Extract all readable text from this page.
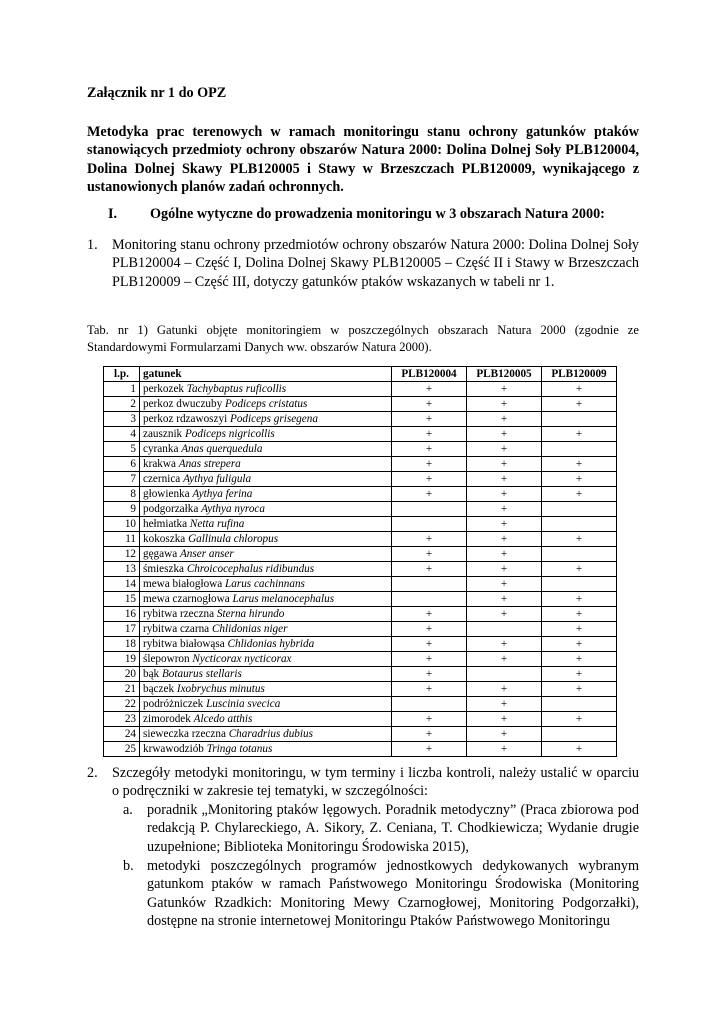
Załącznik nr 1 do OPZ
Metodyka prac terenowych w ramach monitoringu stanu ochrony gatunków ptaków stanowiących przedmioty ochrony obszarów Natura 2000: Dolina Dolnej Soły PLB120004, Dolina Dolnej Skawy PLB120005 i Stawy w Brzeszczach PLB120009, wynikającego z ustanowionych planów zadań ochronnych.
I. Ogólne wytyczne do prowadzenia monitoringu w 3 obszarach Natura 2000:
1. Monitoring stanu ochrony przedmiotów ochrony obszarów Natura 2000: Dolina Dolnej Soły PLB120004 – Część I, Dolina Dolnej Skawy PLB120005 – Część II i Stawy w Brzeszczach PLB120009 – Część III, dotyczy gatunków ptaków wskazanych w tabeli nr 1.
Tab. nr 1) Gatunki objęte monitoringiem w poszczególnych obszarach Natura 2000 (zgodnie ze Standardowymi Formularzami Danych ww. obszarów Natura 2000).
l.p.	gatunek	PLB120004	PLB120005	PLB120009
1	perkozek Tachybaptus ruficollis	+	+	+
2	perkoz dwuczuby Podiceps cristatus	+	+	+
3	perkoz rdzawoszyi Podiceps grisegena	+	+	
4	zausznik Podiceps nigricollis	+	+	+
5	cyranka Anas querquedula	+	+	
6	krakwa Anas strepera	+	+	+
7	czernica Aythya fuligula	+	+	+
8	głowienka Aythya ferina	+	+	+
9	podgorzałka Aythya nyroca		+	
10	hełmiatka Netta rufina		+	
11	kokoszka Gallinula chloropus	+	+	+
12	gęgawa Anser anser	+	+	
13	śmieszka Chroicocephalus ridibundus	+	+	+
14	mewa białogłowa Larus cachinnans		+	
15	mewa czarnogłowa Larus melanocephalus		+	+
16	rybitwa rzeczna Sterna hirundo	+	+	+
17	rybitwa czarna Chlidonias niger	+		+
18	rybitwa białowąsa Chlidonias hybrida	+	+	+
19	ślepowron Nycticorax nycticorax	+	+	+
20	bąk Botaurus stellaris	+		+
21	bączek Ixobrychus minutus	+	+	+
22	podróżniczek Luscinia svecica		+	
23	zimorodek Alcedo atthis	+	+	+
24	sieweczka rzeczna Charadrius dubius	+	+	
25	krwawodziób Tringa totanus	+	+	+
2. Szczegóły metodyki monitoringu, w tym terminy i liczba kontroli, należy ustalić w oparciu o podręczniki w zakresie tej tematyki, w szczególności:
a. poradnik „Monitoring ptaków lęgowych. Poradnik metodyczny” (Praca zbiorowa pod redakcją P. Chylareckiego, A. Sikory, Z. Ceniana, T. Chodkiewicza; Wydanie drugie uzupełnione; Biblioteka Monitoringu Środowiska 2015),
b. metodyki poszczególnych programów jednostkowych dedykowanych wybranym gatunkom ptaków w ramach Państwowego Monitoringu Środowiska (Monitoring Gatunków Rzadkich: Monitoring Mewy Czarnogłowej, Monitoring Podgorzałki), dostępne na stronie internetowej Monitoringu Ptaków Państwowego Monitoringu
